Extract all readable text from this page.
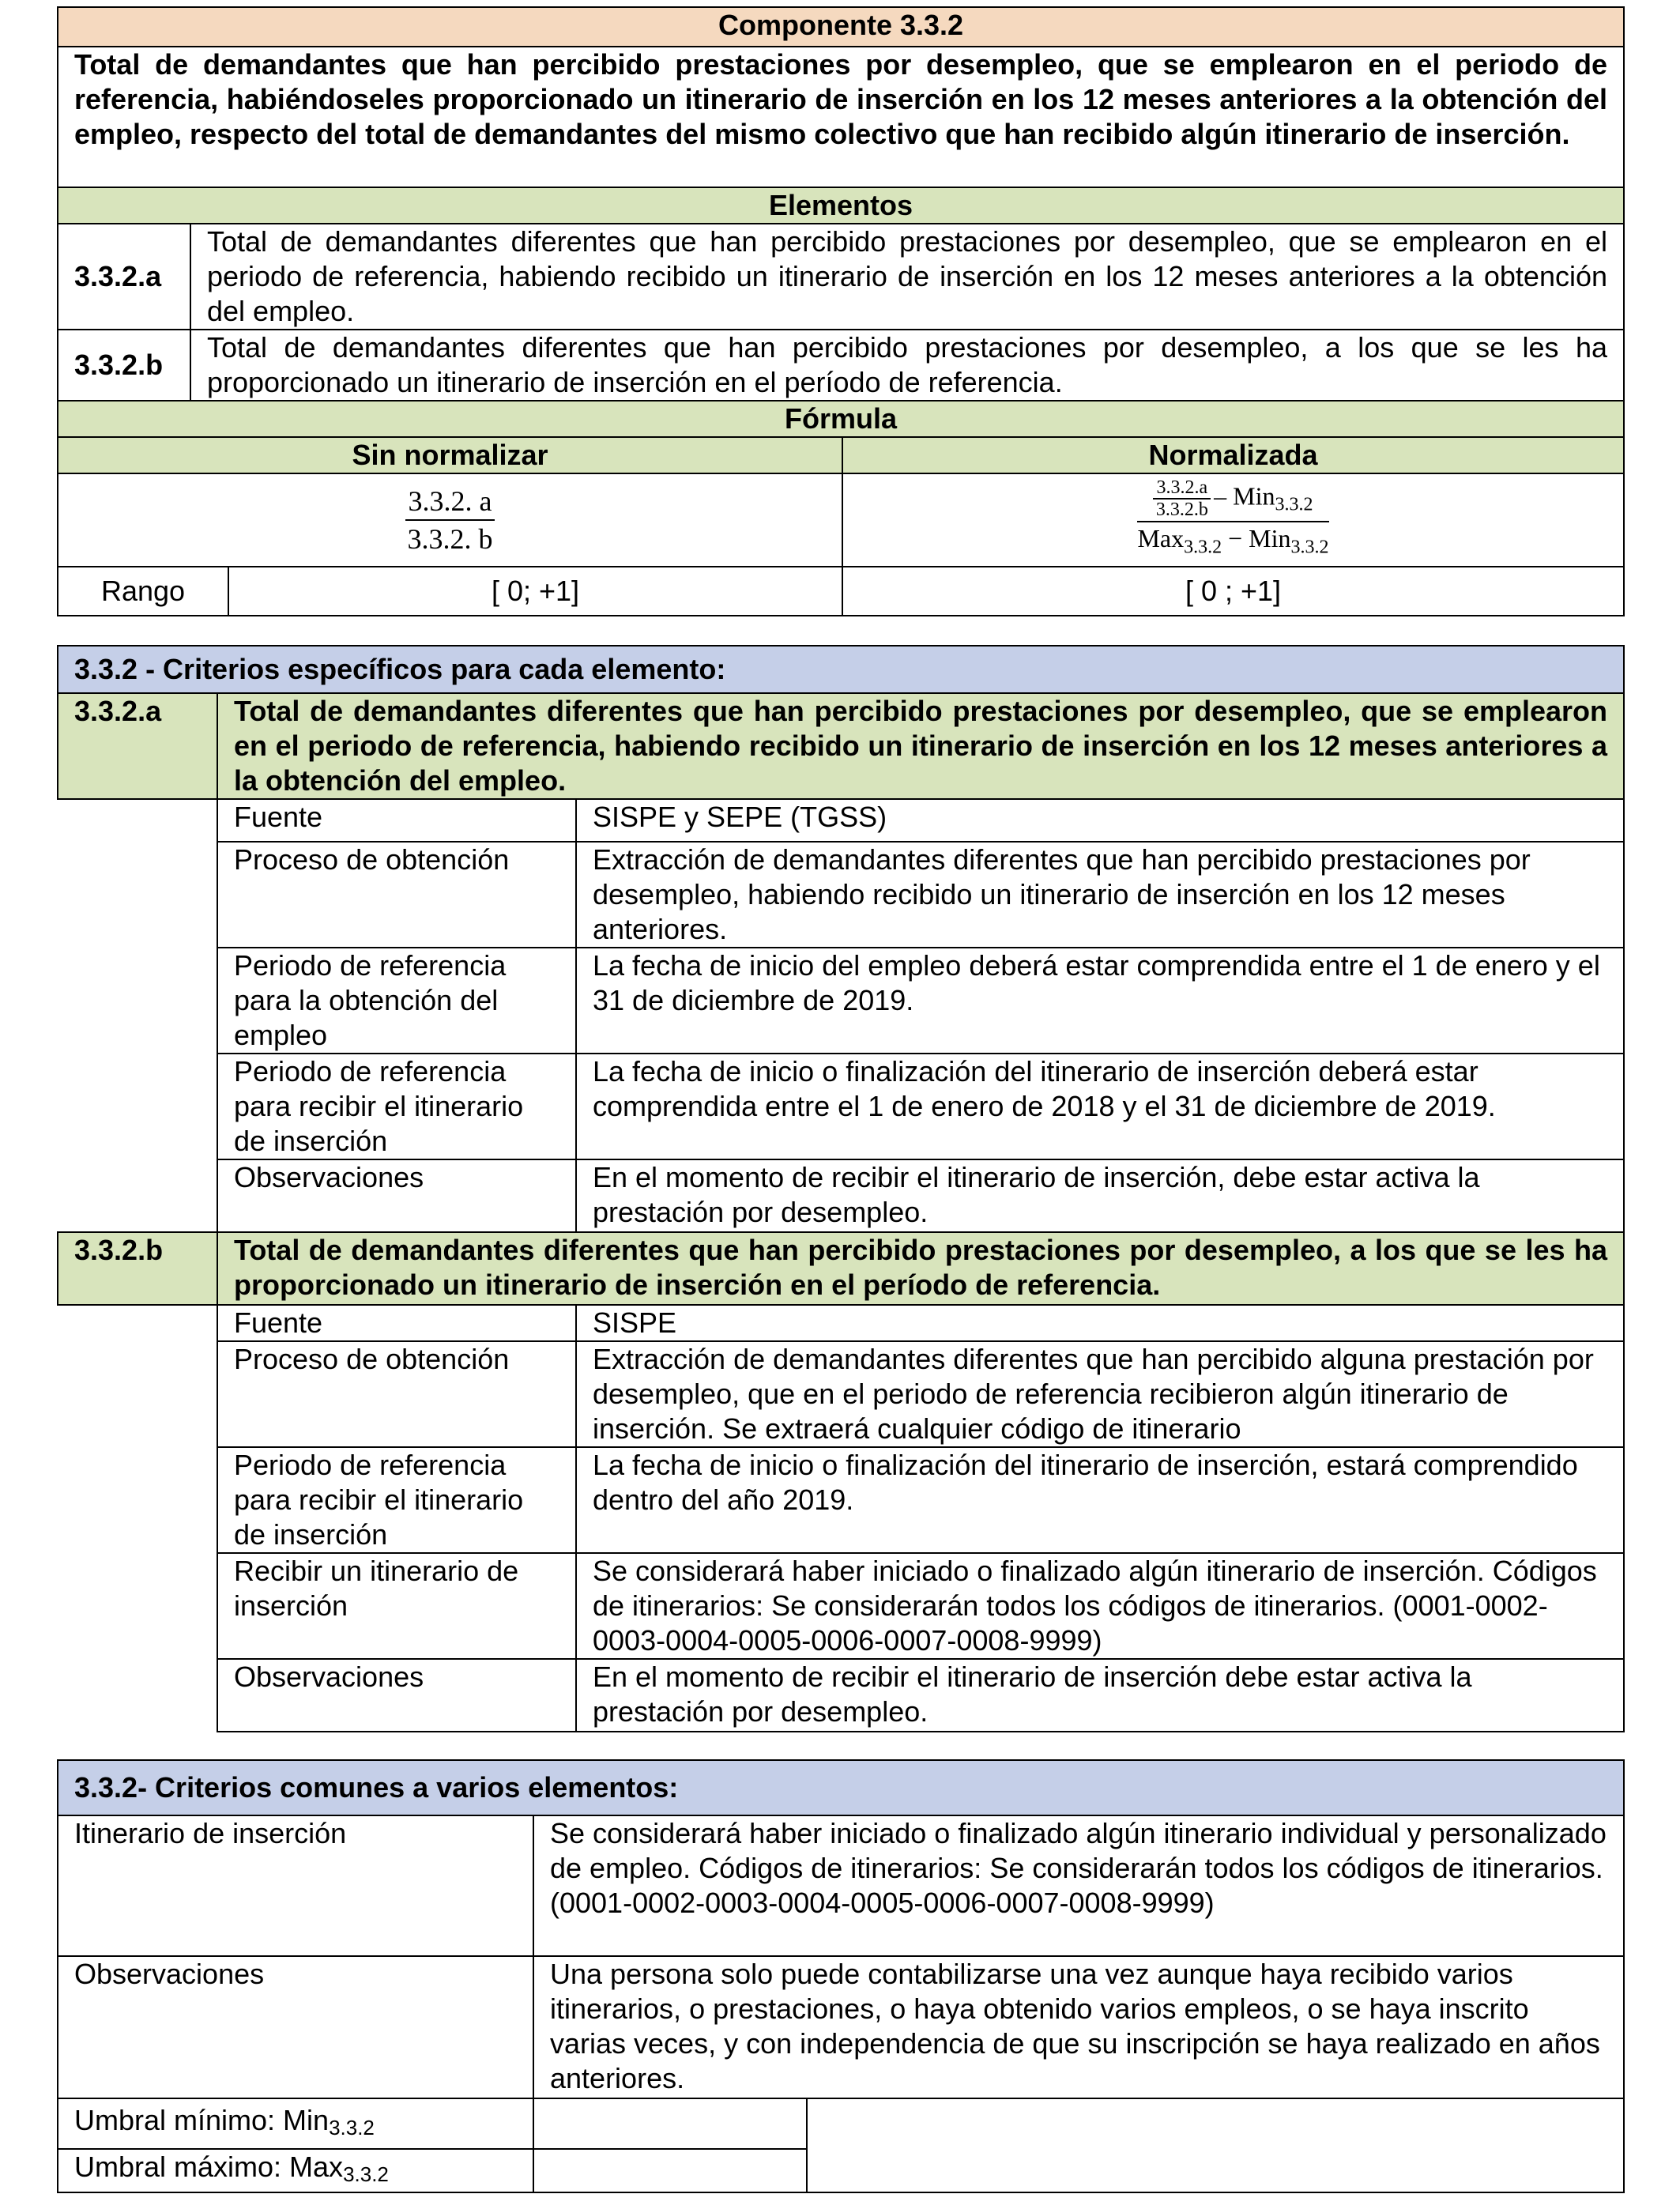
Componente 3.3.2			
Total de demandantes que han percibido prestaciones por desempleo, que se emplearon en el periodo de referencia, habiéndoseles proporcionado un itinerario de inserción en los 12 meses anteriores a la obtención del empleo, respecto del total de demandantes del mismo colectivo que han recibido algún itinerario de inserción.			
Elementos			
3.3.2.a	Total de demandantes diferentes que han percibido prestaciones por desempleo, que se emplearon en el periodo de referencia, habiendo recibido un itinerario de inserción en los 12 meses anteriores a la obtención del empleo.		
3.3.2.b	Total de demandantes diferentes que han percibido prestaciones por desempleo, a los que se les ha proporcionado un itinerario de inserción en el período de referencia.		
Fórmula			
Sin normalizar			Normalizada

$\frac{3.3.2. a}{3.3.2. b}$			$\frac{\frac{3.3.2.a}{3.3.2.b} - Min_{3.3.2}}{Max_{3.3.2} - Min_{3.3.2}}$

Rango		[ 0; +1]	[ 0 ; +1]
3.3.2 - Criterios específicos para cada elemento:		
3.3.2.a	Total de demandantes diferentes que han percibido prestaciones por desempleo, que se emplearon en el periodo de referencia, habiendo recibido un itinerario de inserción en los 12 meses anteriores a la obtención del empleo.	
	Fuente	SISPE y SEPE (TGSS)
	Proceso de obtención	Extracción de demandantes diferentes que han percibido prestaciones por desempleo, habiendo recibido un itinerario de inserción en los 12 meses anteriores.
	Periodo de referencia para la obtención del empleo	La fecha de inicio del empleo deberá estar comprendida entre el 1 de enero y el 31 de diciembre de 2019.
	Periodo de referencia para recibir el itinerario de inserción	La fecha de inicio o finalización del itinerario de inserción deberá estar comprendida entre el 1 de enero de 2018 y el 31 de diciembre de 2019.
	Observaciones	En el momento de recibir el itinerario de inserción, debe estar activa la prestación por desempleo.
3.3.2.b	Total de demandantes diferentes que han percibido prestaciones por desempleo, a los que se les ha proporcionado un itinerario de inserción en el período de referencia.	
	Fuente	SISPE
	Proceso de obtención	Extracción de demandantes diferentes que han percibido alguna prestación por desempleo, que en el periodo de referencia recibieron algún itinerario de inserción. Se extraerá cualquier código de itinerario
	Periodo de referencia para recibir el itinerario de inserción	La fecha de inicio o finalización del itinerario de inserción, estará comprendido dentro del año 2019.
	Recibir un itinerario de inserción	Se considerará haber iniciado o finalizado algún itinerario de inserción. Códigos de itinerarios: Se considerarán todos los códigos de itinerarios. (0001-0002-0003-0004-0005-0006-0007-0008-9999)
	Observaciones	En el momento de recibir el itinerario de inserción debe estar activa la prestación por desempleo.
3.3.2- Criterios comunes a varios elementos:		
Itinerario de inserción	Se considerará haber iniciado o finalizado algún itinerario individual y personalizado de empleo. Códigos de itinerarios: Se considerarán todos los códigos de itinerarios. (0001-0002-0003-0004-0005-0006-0007-0008-9999)	
Observaciones	Una persona solo puede contabilizarse una vez aunque haya recibido varios itinerarios, o prestaciones, o haya obtenido varios empleos, o se haya inscrito varias veces, y con independencia de que su inscripción se haya realizado en años anteriores.	
Umbral mínimo: Min3.3.2		
Umbral máximo: Max3.3.2		
